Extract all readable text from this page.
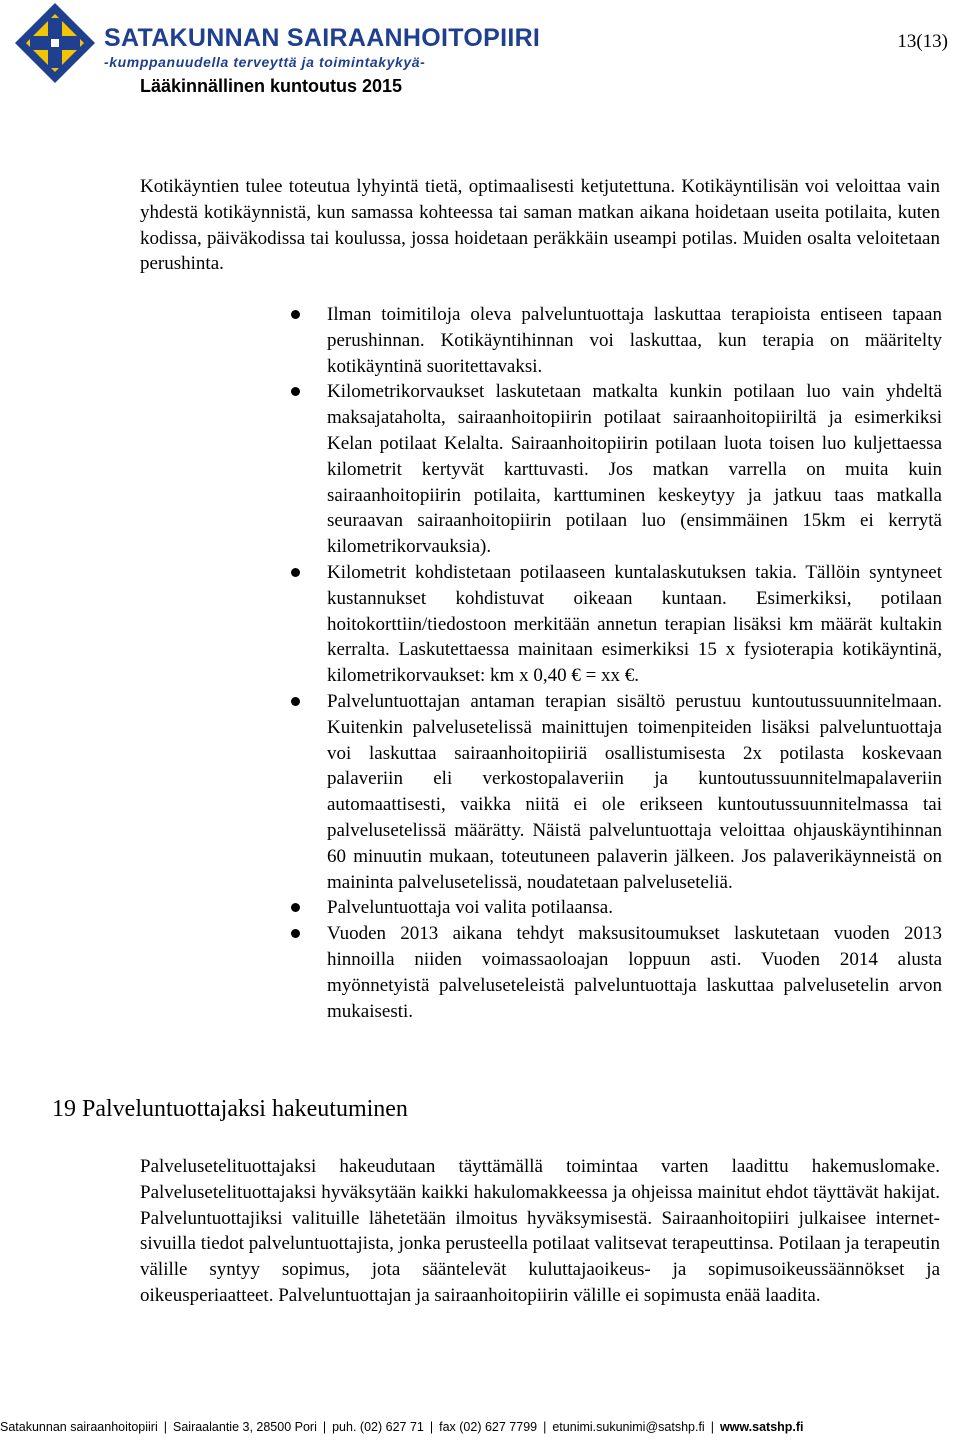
SATAKUNNAN SAIRAANHOITOPIIRI
-kumppanuudella terveyttä ja toimintakykyä-
Lääkinnällinen kuntoutus 2015
13(13)

Kotikäyntien tulee toteutua lyhyintä tietä, optimaalisesti ketjutettuna. Kotikäyntilisän voi veloittaa vain yhdestä kotikäynnistä, kun samassa kohteessa tai saman matkan aikana hoidetaan useita potilaita, kuten kodissa, päiväkodissa tai koulussa, jossa hoidetaan peräkkäin useampi potilas. Muiden osalta veloitetaan perushinta.

Ilman toimitiloja oleva palveluntuottaja laskuttaa terapioista entiseen tapaan perushinnan. Kotikäyntihinnan voi laskuttaa, kun terapia on määritelty kotikäyntinä suoritettavaksi.
Kilometrikorvaukset laskutetaan matkalta kunkin potilaan luo vain yhdeltä maksajataholta, sairaanhoitopiirin potilaat sairaanhoitopiiriltä ja esimerkiksi Kelan potilaat Kelalta. Sairaanhoitopiirin potilaan luota toisen luo kuljettaessa kilometrit kertyvät karttuvasti. Jos matkan varrella on muita kuin sairaanhoitopiirin potilaita, karttuminen keskeytyy ja jatkuu taas matkalla seuraavan sairaanhoitopiirin potilaan luo (ensimmäinen 15km ei kerrytä kilometrikorvauksia).
Kilometrit kohdistetaan potilaaseen kuntalaskutuksen takia. Tällöin syntyneet kustannukset kohdistuvat oikeaan kuntaan. Esimerkiksi, potilaan hoitokorttiin/tiedostoon merkitään annetun terapian lisäksi km määrät kultakin kerralta. Laskutettaessa mainitaan esimerkiksi 15 x fysioterapia kotikäyntinä, kilometrikorvaukset: km x 0,40 € = xx €.
Palveluntuottajan antaman terapian sisältö perustuu kuntoutussuunnitelmaan. Kuitenkin palvelusetelissä mainittujen toimenpiteiden lisäksi palveluntuottaja voi laskuttaa sairaanhoitopiiriä osallistumisesta 2x potilasta koskevaan palaveriin eli verkostopalaveriin ja kuntoutussuunnitelmapalaveriin automaattisesti, vaikka niitä ei ole erikseen kuntoutussuunnitelmassa tai palvelusetelissä määrätty. Näistä palveluntuottaja veloittaa ohjauskäyntihinnan 60 minuutin mukaan, toteutuneen palaverin jälkeen. Jos palaverikäynneistä on maininta palvelusetelissä, noudatetaan palveluseteliä.
Palveluntuottaja voi valita potilaansa.
Vuoden 2013 aikana tehdyt maksusitoumukset laskutetaan vuoden 2013 hinnoilla niiden voimassaoloajan loppuun asti. Vuoden 2014 alusta myönnetyistä palveluseteleistä palveluntuottaja laskuttaa palvelusetelin arvon mukaisesti.
19 Palveluntuottajaksi hakeutuminen

Palvelusetelituottajaksi hakeudutaan täyttämällä toimintaa varten laadittu hakemuslomake. Palvelusetelituottajaksi hyväksytään kaikki hakulomakkeessa ja ohjeissa mainitut ehdot täyttävät hakijat. Palveluntuottajiksi valituille lähetetään ilmoitus hyväksymisestä. Sairaanhoitopiiri julkaisee internet-sivuilla tiedot palveluntuottajista, jonka perusteella potilaat valitsevat terapeuttinsa. Potilaan ja terapeutin välille syntyy sopimus, jota sääntelevät kuluttajaoikeus- ja sopimusoikeussäännökset ja oikeusperiaatteet. Palveluntuottajan ja sairaanhoitopiirin välille ei sopimusta enää laadita.

Satakunnan sairaanhoitopiiri | Sairaalantie 3, 28500 Pori | puh. (02) 627 71 | fax (02) 627 7799 | etunimi.sukunimi@satshp.fi | www.satshp.fi
